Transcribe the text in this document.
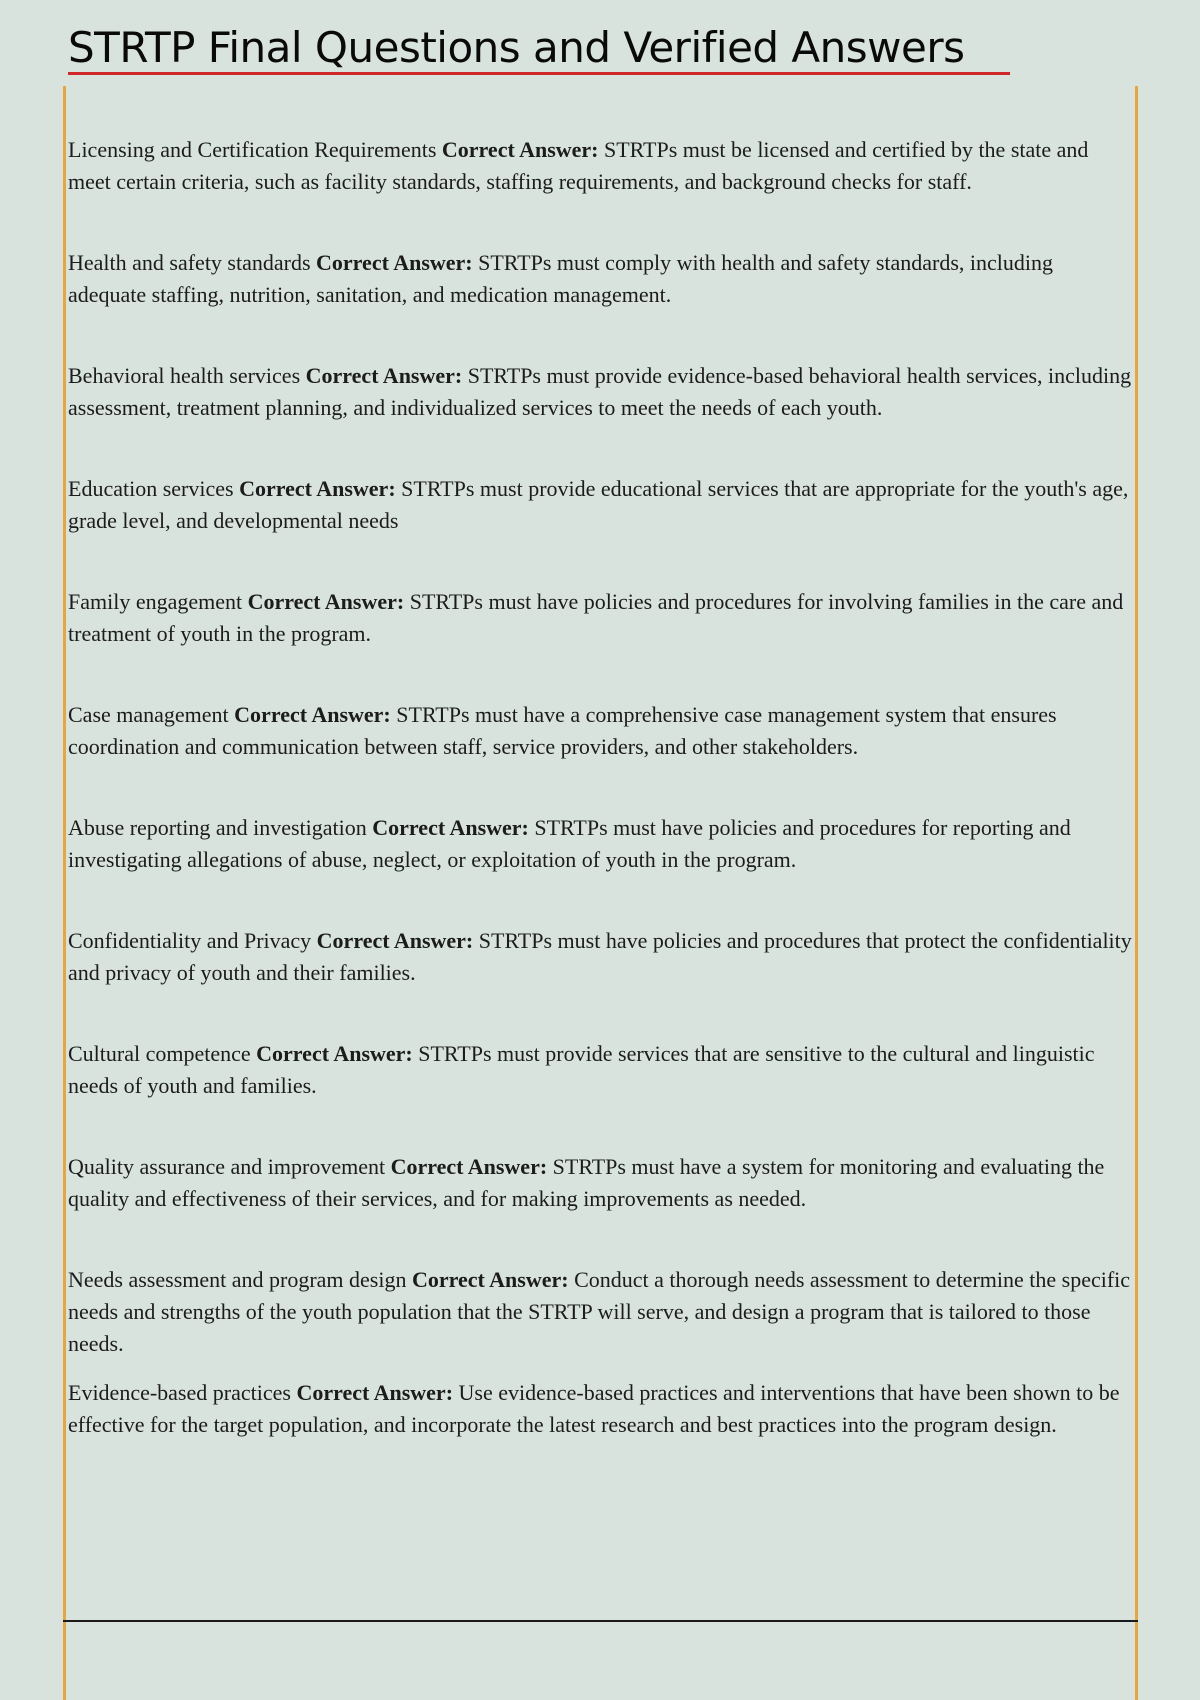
STRTP Final Questions and Verified Answers

Licensing and Certification Requirements Correct Answer: STRTPs must be licensed and certified by the state and meet certain criteria, such as facility standards, staffing requirements, and background checks for staff.

Health and safety standards Correct Answer: STRTPs must comply with health and safety standards, including adequate staffing, nutrition, sanitation, and medication management.

Behavioral health services Correct Answer: STRTPs must provide evidence-based behavioral health services, including assessment, treatment planning, and individualized services to meet the needs of each youth.

Education services Correct Answer: STRTPs must provide educational services that are appropriate for the youth's age, grade level, and developmental needs

Family engagement Correct Answer: STRTPs must have policies and procedures for involving families in the care and treatment of youth in the program.

Case management Correct Answer: STRTPs must have a comprehensive case management system that ensures coordination and communication between staff, service providers, and other stakeholders.

Abuse reporting and investigation Correct Answer: STRTPs must have policies and procedures for reporting and investigating allegations of abuse, neglect, or exploitation of youth in the program.

Confidentiality and Privacy Correct Answer: STRTPs must have policies and procedures that protect the confidentiality and privacy of youth and their families.

Cultural competence Correct Answer: STRTPs must provide services that are sensitive to the cultural and linguistic needs of youth and families.

Quality assurance and improvement Correct Answer: STRTPs must have a system for monitoring and evaluating the quality and effectiveness of their services, and for making improvements as needed.

Needs assessment and program design Correct Answer: Conduct a thorough needs assessment to determine the specific needs and strengths of the youth population that the STRTP will serve, and design a program that is tailored to those needs.

Evidence-based practices Correct Answer: Use evidence-based practices and interventions that have been shown to be effective for the target population, and incorporate the latest research and best practices into the program design.
